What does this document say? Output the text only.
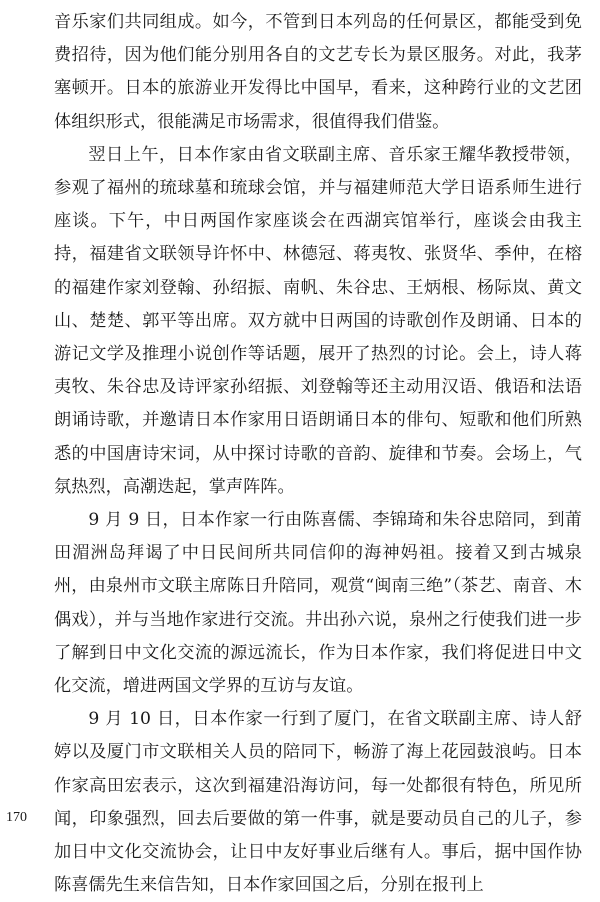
音乐家们共同组成。如今，不管到日本列岛的任何景区，都能受到免费招待，因为他们能分别用各自的文艺专长为景区服务。对此，我茅塞顿开。日本的旅游业开发得比中国早，看来，这种跨行业的文艺团体组织形式，很能满足市场需求，很值得我们借鉴。

翌日上午，日本作家由省文联副主席、音乐家王耀华教授带领，参观了福州的琉球墓和琉球会馆，并与福建师范大学日语系师生进行座谈。下午，中日两国作家座谈会在西湖宾馆举行，座谈会由我主持，福建省文联领导许怀中、林德冠、蒋夷牧、张贤华、季仲，在榕的福建作家刘登翰、孙绍振、南帆、朱谷忠、王炳根、杨际岚、黄文山、楚楚、郭平等出席。双方就中日两国的诗歌创作及朗诵、日本的游记文学及推理小说创作等话题，展开了热烈的讨论。会上，诗人蒋夷牧、朱谷忠及诗评家孙绍振、刘登翰等还主动用汉语、俄语和法语朗诵诗歌，并邀请日本作家用日语朗诵日本的俳句、短歌和他们所熟悉的中国唐诗宋词，从中探讨诗歌的音韵、旋律和节奏。会场上，气氛热烈，高潮迭起，掌声阵阵。

9 月 9 日，日本作家一行由陈喜儒、李锦琦和朱谷忠陪同，到莆田湄洲岛拜谒了中日民间所共同信仰的海神妈祖。接着又到古城泉州，由泉州市文联主席陈日升陪同，观赏“闽南三绝”（茶艺、南音、木偶戏），并与当地作家进行交流。井出孙六说，泉州之行使我们进一步了解到日中文化交流的源远流长，作为日本作家，我们将促进日中文化交流，增进两国文学界的互访与友谊。

9 月 10 日，日本作家一行到了厦门，在省文联副主席、诗人舒婷以及厦门市文联相关人员的陪同下，畅游了海上花园鼓浪屿。日本作家高田宏表示，这次到福建沿海访问，每一处都很有特色，所见所闻，印象强烈，回去后要做的第一件事，就是要动员自己的儿子，参加日中文化交流协会，让日中友好事业后继有人。事后，据中国作协陈喜儒先生来信告知，日本作家回国之后，分别在报刊上

170
